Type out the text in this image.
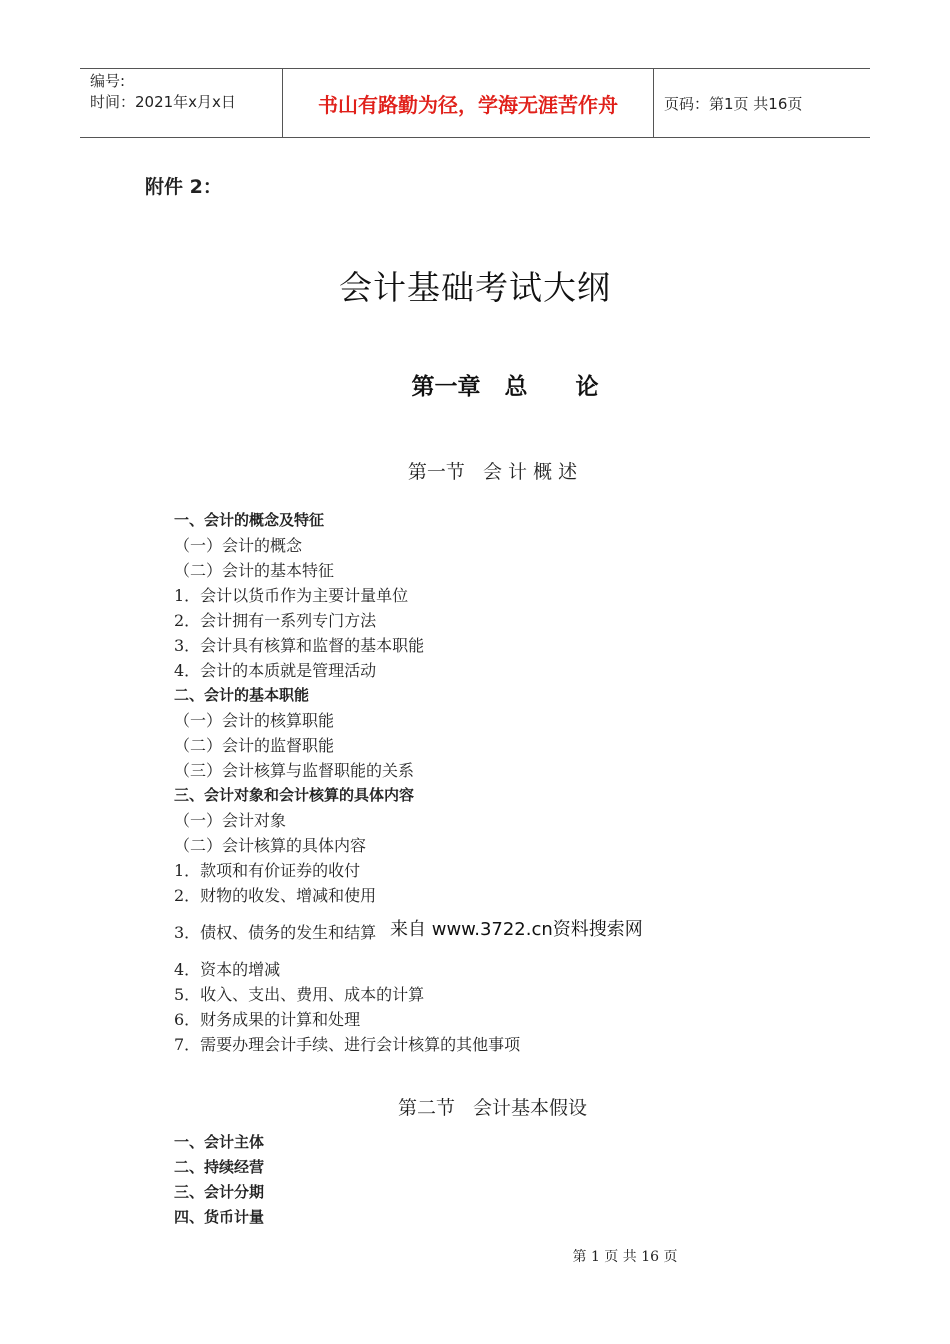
编号:
时间：2021年x月x日	书山有路勤为径，学海无涯苦作舟	页码：第1页 共16页
附件 2：
会计基础考试大纲
第一章   总      论
第一节   会 计 概 述
一、会计的概念及特征
（一）会计的概念
（二）会计的基本特征
1．会计以货币作为主要计量单位
2．会计拥有一系列专门方法
3．会计具有核算和监督的基本职能
4．会计的本质就是管理活动
二、会计的基本职能
（一）会计的核算职能
（二）会计的监督职能
（三）会计核算与监督职能的关系
三、会计对象和会计核算的具体内容
（一）会计对象
（二）会计核算的具体内容
1．款项和有价证券的收付
2．财物的收发、增减和使用
3．债权、债务的发生和结算
4．资本的增减
5．收入、支出、费用、成本的计算
6．财务成果的计算和处理
7．需要办理会计手续、进行会计核算的其他事项
来自 www.3722.cn资料搜索网
第二节   会计基本假设
一、会计主体
二、持续经营
三、会计分期
四、货币计量
第 1 页 共 16 页
